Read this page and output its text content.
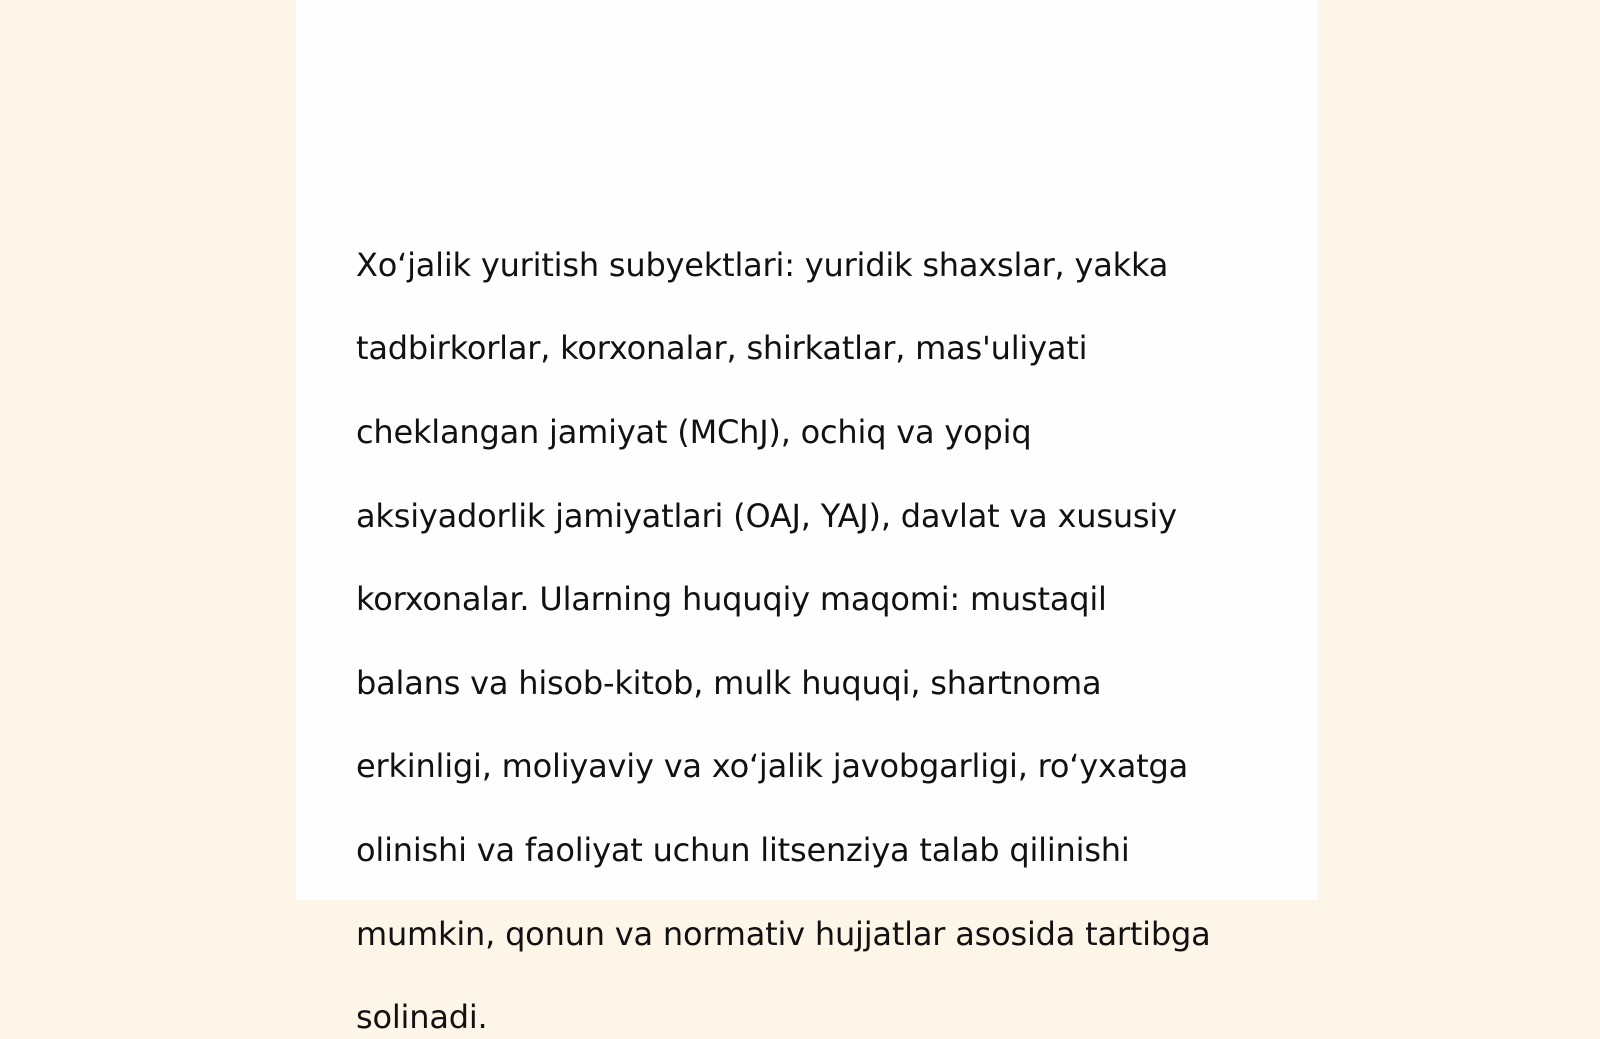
Xo‘jalik yuritish subyektlari: yuridik shaxslar, yakka

tadbirkorlar, korxonalar, shirkatlar, mas'uliyati

cheklangan jamiyat (MChJ), ochiq va yopiq

aksiyadorlik jamiyatlari (OAJ, YAJ), davlat va xususiy

korxonalar. Ularning huquqiy maqomi: mustaqil

balans va hisob-kitob, mulk huquqi, shartnoma

erkinligi, moliyaviy va xo‘jalik javobgarligi, ro‘yxatga

olinishi va faoliyat uchun litsenziya talab qilinishi

mumkin, qonun va normativ hujjatlar asosida tartibga

solinadi.
